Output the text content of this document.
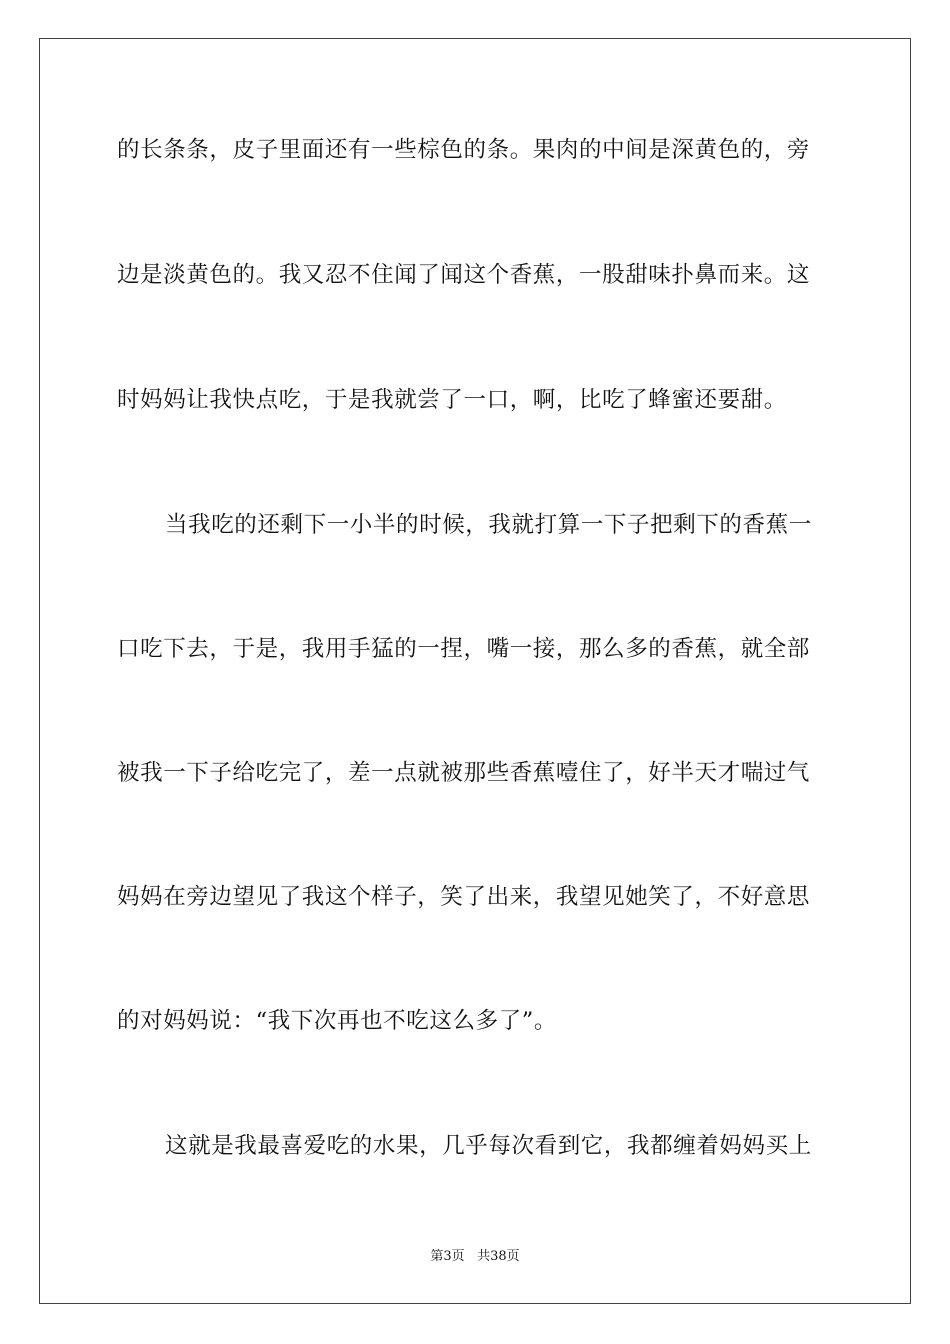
的长条条，皮子里面还有一些棕色的条。果肉的中间是深黄色的，旁
边是淡黄色的。我又忍不住闻了闻这个香蕉，一股甜味扑鼻而来。这
时妈妈让我快点吃，于是我就尝了一口，啊，比吃了蜂蜜还要甜。
当我吃的还剩下一小半的时候，我就打算一下子把剩下的香蕉一
口吃下去，于是，我用手猛的一捏，嘴一接，那么多的香蕉，就全部
被我一下子给吃完了，差一点就被那些香蕉噎住了，好半天才喘过气
妈妈在旁边望见了我这个样子，笑了出来，我望见她笑了，不好意思
的对妈妈说：“我下次再也不吃这么多了”。
这就是我最喜爱吃的水果，几乎每次看到它，我都缠着妈妈买上
第3页 共38页
